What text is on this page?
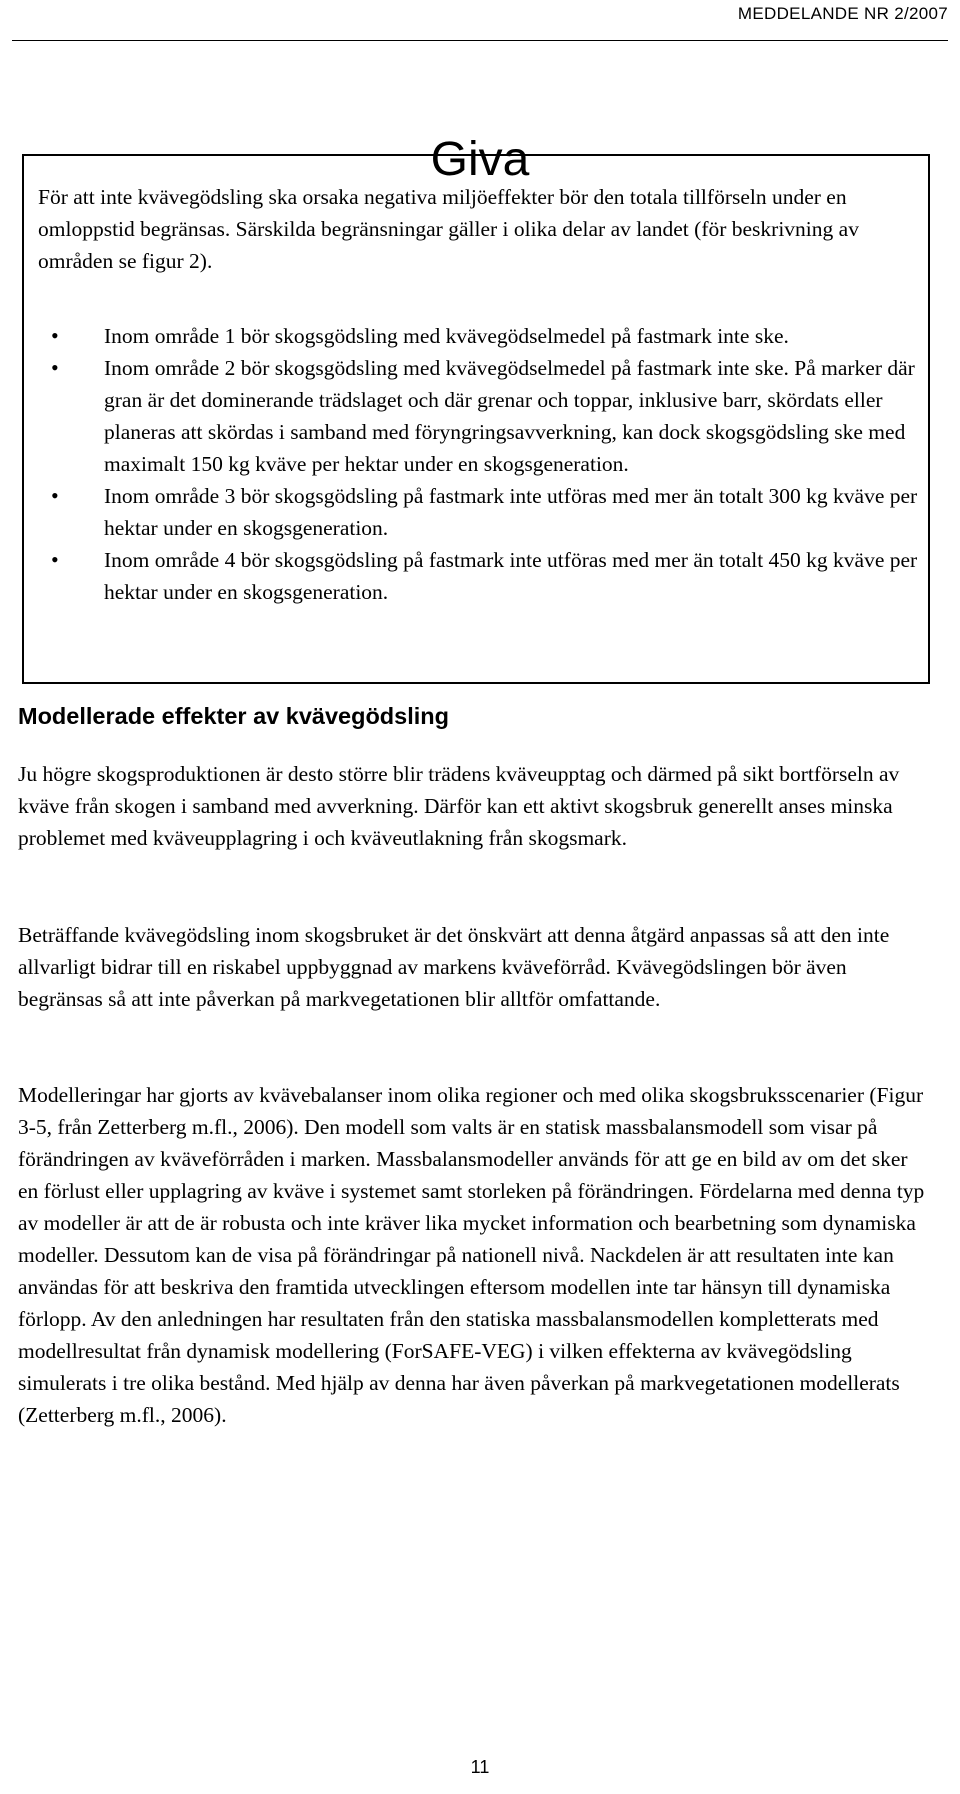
MEDDELANDE NR 2/2007
Giva

För att inte kvävegödsling ska orsaka negativa miljöeffekter bör den totala tillförseln under en omloppstid begränsas. Särskilda begränsningar gäller i olika delar av landet (för beskrivning av områden se figur 2).

• Inom område 1 bör skogsgödsling med kvävegödselmedel på fastmark inte ske.
• Inom område 2 bör skogsgödsling med kvävegödselmedel på fastmark inte ske. På marker där gran är det dominerande trädslaget och där grenar och toppar, inklusive barr, skördats eller planeras att skördas i samband med föryngringsavverkning, kan dock skogsgödsling ske med maximalt 150 kg kväve per hektar under en skogsgeneration.
• Inom område 3 bör skogsgödsling på fastmark inte utföras med mer än totalt 300 kg kväve per hektar under en skogsgeneration.
• Inom område 4 bör skogsgödsling på fastmark inte utföras med mer än totalt 450 kg kväve per hektar under en skogsgeneration.
Modellerade effekter av kvävegödsling

Ju högre skogsproduktionen är desto större blir trädens kväveupptag och därmed på sikt bortförseln av kväve från skogen i samband med avverkning. Därför kan ett aktivt skogsbruk generellt anses minska problemet med kväveupplagring i och kväveutlakning från skogsmark.

Beträffande kvävegödsling inom skogsbruket är det önskvärt att denna åtgärd anpassas så att den inte allvarligt bidrar till en riskabel uppbyggnad av markens kväveförråd. Kvävegödslingen bör även begränsas så att inte påverkan på markvegetationen blir alltför omfattande.

Modelleringar har gjorts av kvävebalanser inom olika regioner och med olika skogsbruksscenarier (Figur 3-5, från Zetterberg m.fl., 2006). Den modell som valts är en statisk massbalansmodell som visar på förändringen av kväveförråden i marken. Massbalansmodeller används för att ge en bild av om det sker en förlust eller upplagring av kväve i systemet samt storleken på förändringen. Fördelarna med denna typ av modeller är att de är robusta och inte kräver lika mycket information och bearbetning som dynamiska modeller. Dessutom kan de visa på förändringar på nationell nivå. Nackdelen är att resultaten inte kan användas för att beskriva den framtida utvecklingen eftersom modellen inte tar hänsyn till dynamiska förlopp. Av den anledningen har resultaten från den statiska massbalansmodellen kompletterats med modellresultat från dynamisk modellering (ForSAFE-VEG) i vilken effekterna av kvävegödsling simulerats i tre olika bestånd. Med hjälp av denna har även påverkan på markvegetationen modellerats (Zetterberg m.fl., 2006).

11
